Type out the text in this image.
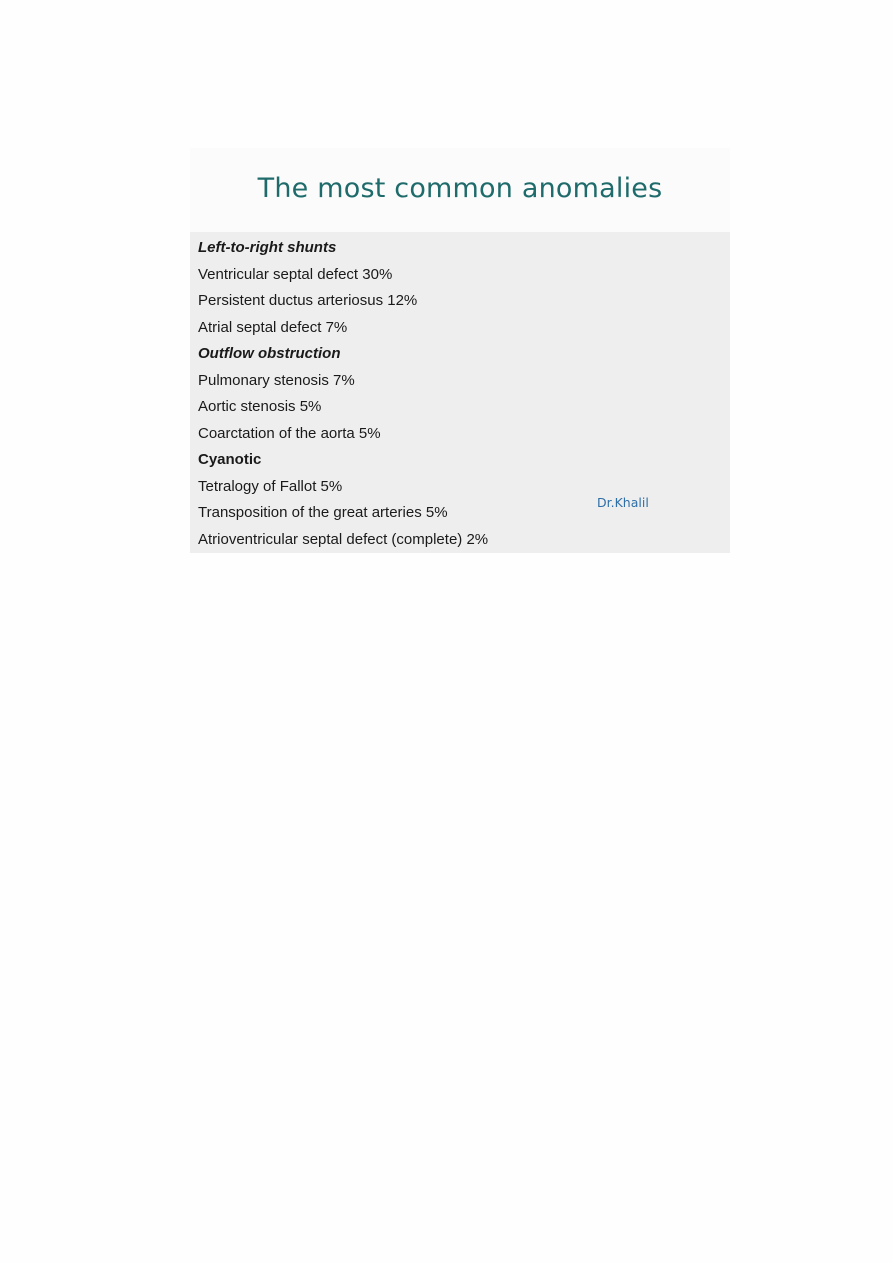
The most common anomalies
Left-to-right shunts
Ventricular septal defect 30%
Persistent ductus arteriosus 12%
Atrial septal defect 7%
Outflow obstruction
Pulmonary stenosis 7%
Aortic stenosis 5%
Coarctation of the aorta 5%
Cyanotic
Tetralogy of Fallot 5%
Transposition of the great arteries 5%
Atrioventricular septal defect (complete) 2%
Dr.Khalil
